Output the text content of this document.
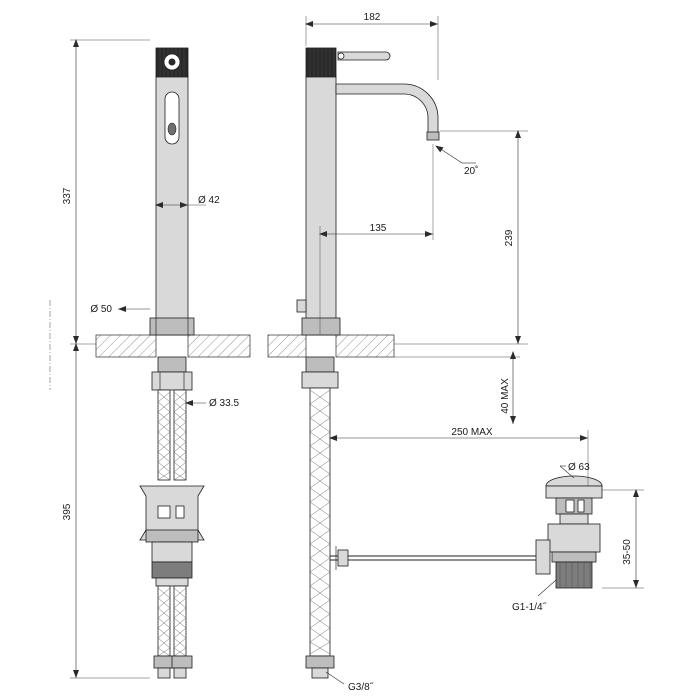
337
395
Ø 42
Ø 50
Ø 33.5
182
135
239
20˚
40 MAX
250 MAX
Ø 63
35-50
G1-1/4˝
G3/8˝
